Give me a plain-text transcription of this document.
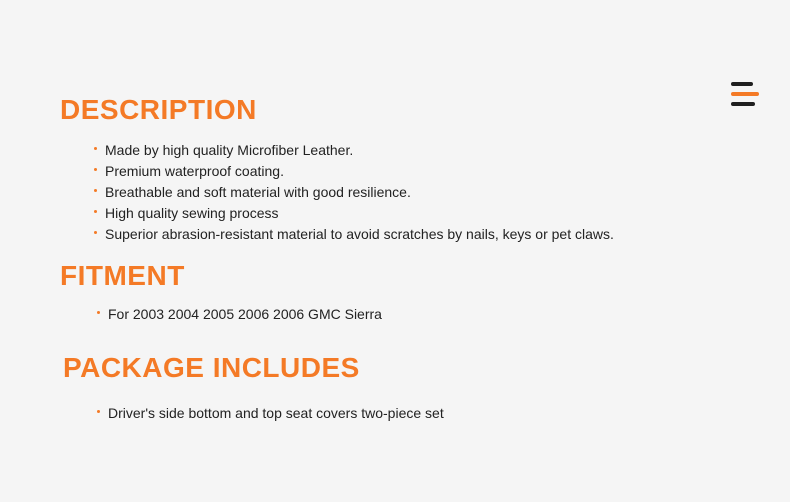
DESCRIPTION
Made by high quality Microfiber Leather.
Premium waterproof coating.
Breathable and soft material with good resilience.
High quality sewing process
Superior abrasion-resistant material to avoid scratches by nails, keys or pet claws.
FITMENT
For 2003 2004 2005 2006 2006 GMC Sierra
PACKAGE INCLUDES
Driver's side bottom and top seat covers two-piece set
